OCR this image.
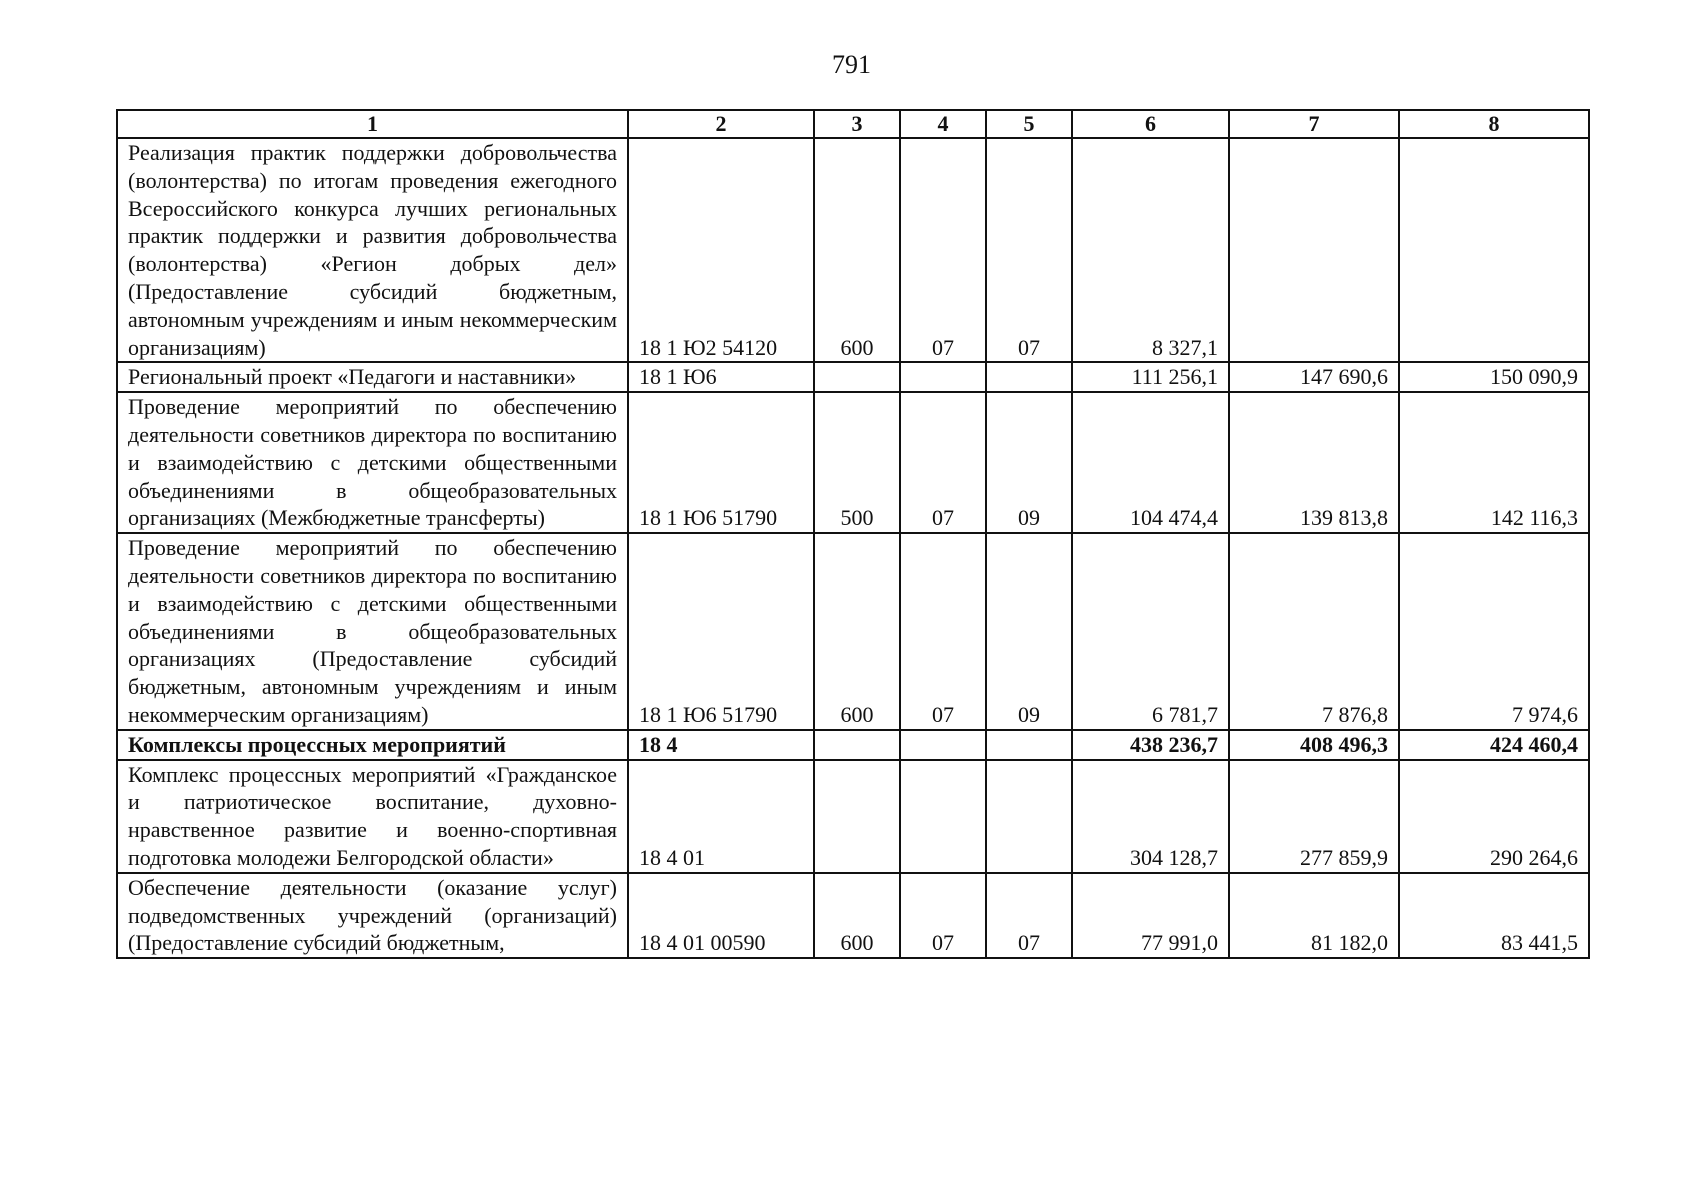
791
1	2	3	4	5	6	7	8
Реализация практик поддержки добровольчества (волонтерства) по итогам проведения ежегодного Всероссийского конкурса лучших региональных практик поддержки и развития добровольчества (волонтерства) «Регион добрых дел» (Предоставление субсидий бюджетным, автономным учреждениям и иным некоммерческим организациям)	18 1 Ю2 54120	600	07	07	8 327,1		
Региональный проект «Педагоги и наставники»	18 1 Ю6				111 256,1	147 690,6	150 090,9
Проведение мероприятий по обеспечению деятельности советников директора по воспитанию и взаимодействию с детскими общественными объединениями в общеобразовательных организациях (Межбюджетные трансферты)	18 1 Ю6 51790	500	07	09	104 474,4	139 813,8	142 116,3
Проведение мероприятий по обеспечению деятельности советников директора по воспитанию и взаимодействию с детскими общественными объединениями в общеобразовательных организациях (Предоставление субсидий бюджетным, автономным учреждениям и иным некоммерческим организациям)	18 1 Ю6 51790	600	07	09	6 781,7	7 876,8	7 974,6
Комплексы процессных мероприятий	18 4				438 236,7	408 496,3	424 460,4
Комплекс процессных мероприятий «Гражданское и патриотическое воспитание, духовно-нравственное развитие и военно-спортивная подготовка молодежи Белгородской области»	18 4 01				304 128,7	277 859,9	290 264,6
Обеспечение деятельности (оказание услуг) подведомственных учреждений (организаций) (Предоставление субсидий бюджетным,	18 4 01 00590	600	07	07	77 991,0	81 182,0	83 441,5
